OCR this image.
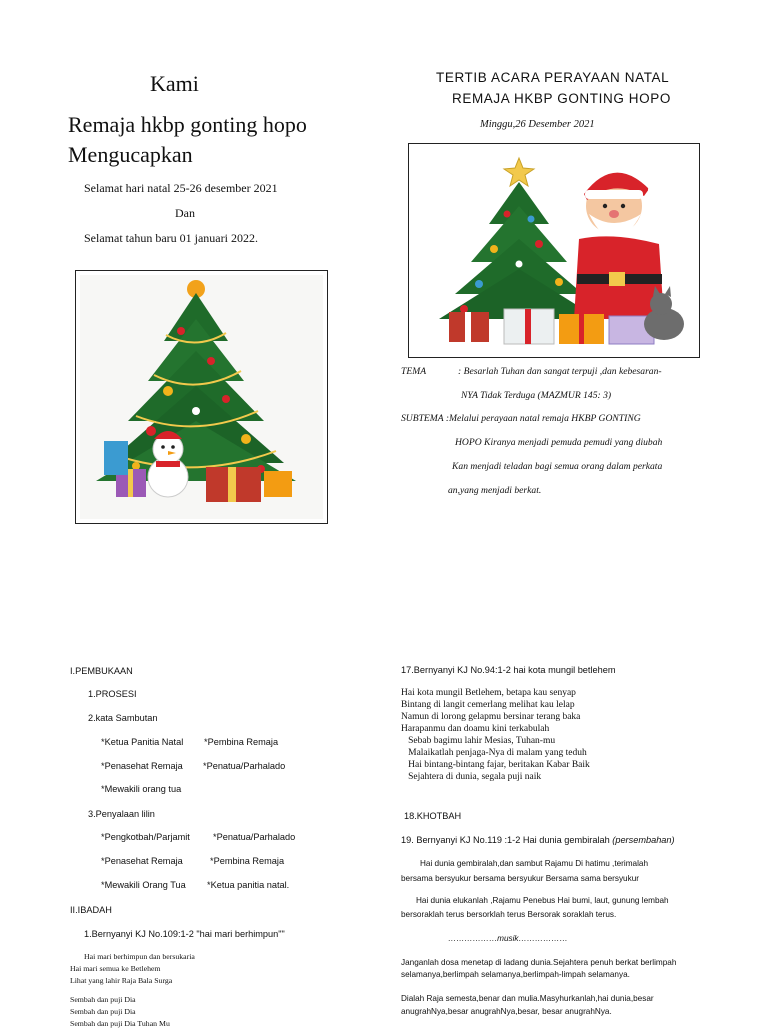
Kami
Remaja hkbp gonting hopo
Mengucapkan
Selamat hari natal 25-26 desember 2021
Dan
Selamat tahun baru 01 januari 2022.
TERTIB ACARA PERAYAAN NATAL
REMAJA HKBP GONTING HOPO
Minggu,26 Desember 2021
TEMA	: Besarlah Tuhan dan sangat terpuji ,dan kebesaran-
NYA Tidak Terduga (MAZMUR 145: 3)
SUBTEMA :Melalui perayaan natal remaja HKBP GONTING
HOPO Kiranya menjadi pemuda pemudi yang diubah
Kan menjadi teladan bagi semua orang dalam perkata
an,yang menjadi berkat.
I.PEMBUKAAN
1.PROSESI
2.kata Sambutan
*Ketua Panitia Natal *Pembina Remaja
*Penasehat Remaja *Penatua/Parhalado
*Mewakili orang tua
3.Penyalaan lilin
*Pengkotbah/Parjamit	*Penatua/Parhalado
*Penasehat Remaja	*Pembina Remaja
*Mewakili Orang Tua *Ketua panitia natal.
II.IBADAH
1.Bernyanyi KJ No.109:1-2 "hai mari berhimpun""
Hai mari berhimpun dan bersukaria
Hai mari semua ke Betlehem
Lihat yang lahir Raja Bala Surga
Sembah dan puji Dia
Sembah dan puji Dia
Sembah dan puji Dia Tuhan Mu
17.Bernyanyi KJ No.94:1-2 hai kota mungil betlehem
Hai kota mungil Betlehem, betapa kau senyap
Bintang di langit cemerlang melihat kau lelap
Namun di lorong gelapmu bersinar terang baka
Harapanmu dan doamu kini terkabulah
Sebab bagimu lahir Mesias, Tuhan-mu
Malaikatlah penjaga-Nya di malam yang teduh
Hai bintang-bintang fajar, beritakan Kabar Baik
Sejahtera di dunia, segala puji naik
18.KHOTBAH
19. Bernyanyi KJ No.119 :1-2 Hai dunia gembiralah (persembahan)
Hai dunia gembiralah,dan sambut Rajamu Di hatimu ,terimalah
bersama bersyukur bersama bersyukur Bersama sama bersyukur
Hai dunia elukanlah ,Rajamu Penebus Hai bumi, laut, gunung lembah
bersoraklah terus bersorklah terus Bersorak soraklah terus.
………………musik………………
Janganlah dosa menetap di ladang dunia.Sejahtera penuh berkat berlimpah
selamanya,berlimpah selamanya,berlimpah-limpah selamanya.
Dialah Raja semesta,benar dan mulia.Masyhurkanlah,hai dunia,besar
anugrahNya,besar anugrahNya,besar, besar anugrahNya.
